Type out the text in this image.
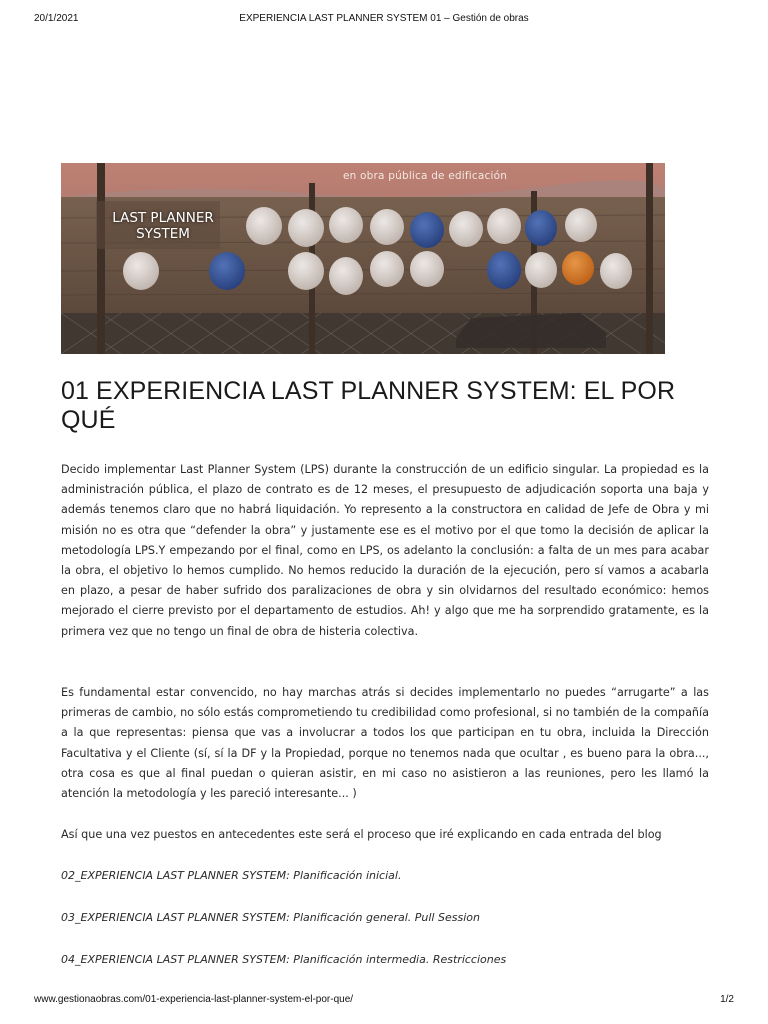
20/1/2021	EXPERIENCIA LAST PLANNER SYSTEM 01 – Gestión de obras
en obra pública de edificación
LAST PLANNER SYSTEM
01 EXPERIENCIA LAST PLANNER SYSTEM: EL POR QUÉ

Decido implementar Last Planner System (LPS) durante la construcción de un edificio singular. La propiedad es la administración pública, el plazo de contrato es de 12 meses, el presupuesto de adjudicación soporta una baja y además tenemos claro que no habrá liquidación. Yo represento a la constructora en calidad de Jefe de Obra y mi misión no es otra que “defender la obra” y justamente ese es el motivo por el que tomo la decisión de aplicar la metodología LPS.Y empezando por el final, como en LPS, os adelanto la conclusión: a falta de un mes para acabar la obra, el objetivo lo hemos cumplido. No hemos reducido la duración de la ejecución, pero sí vamos a acabarla en plazo, a pesar de haber sufrido dos paralizaciones de obra y sin olvidarnos del resultado económico: hemos mejorado el cierre previsto por el departamento de estudios. Ah! y algo que me ha sorprendido gratamente, es la primera vez que no tengo un final de obra de histeria colectiva.

Es fundamental estar convencido, no hay marchas atrás si decides implementarlo no puedes “arrugarte” a las primeras de cambio, no sólo estás comprometiendo tu credibilidad como profesional, si no también de la compañía a la que representas: piensa que vas a involucrar a todos los que participan en tu obra, incluida la Dirección Facultativa y el Cliente (sí, sí la DF y la Propiedad, porque no tenemos nada que ocultar , es bueno para la obra..., otra cosa es que al final puedan o quieran asistir, en mi caso no asistieron a las reuniones, pero les llamó la atención la metodología y les pareció interesante... )

Así que una vez puestos en antecedentes este será el proceso que iré explicando en cada entrada del blog

02_EXPERIENCIA LAST PLANNER SYSTEM: Planificación inicial.

03_EXPERIENCIA LAST PLANNER SYSTEM: Planificación general. Pull Session

04_EXPERIENCIA LAST PLANNER SYSTEM: Planificación intermedia. Restricciones

www.gestionaobras.com/01-experiencia-last-planner-system-el-por-que/	1/2
